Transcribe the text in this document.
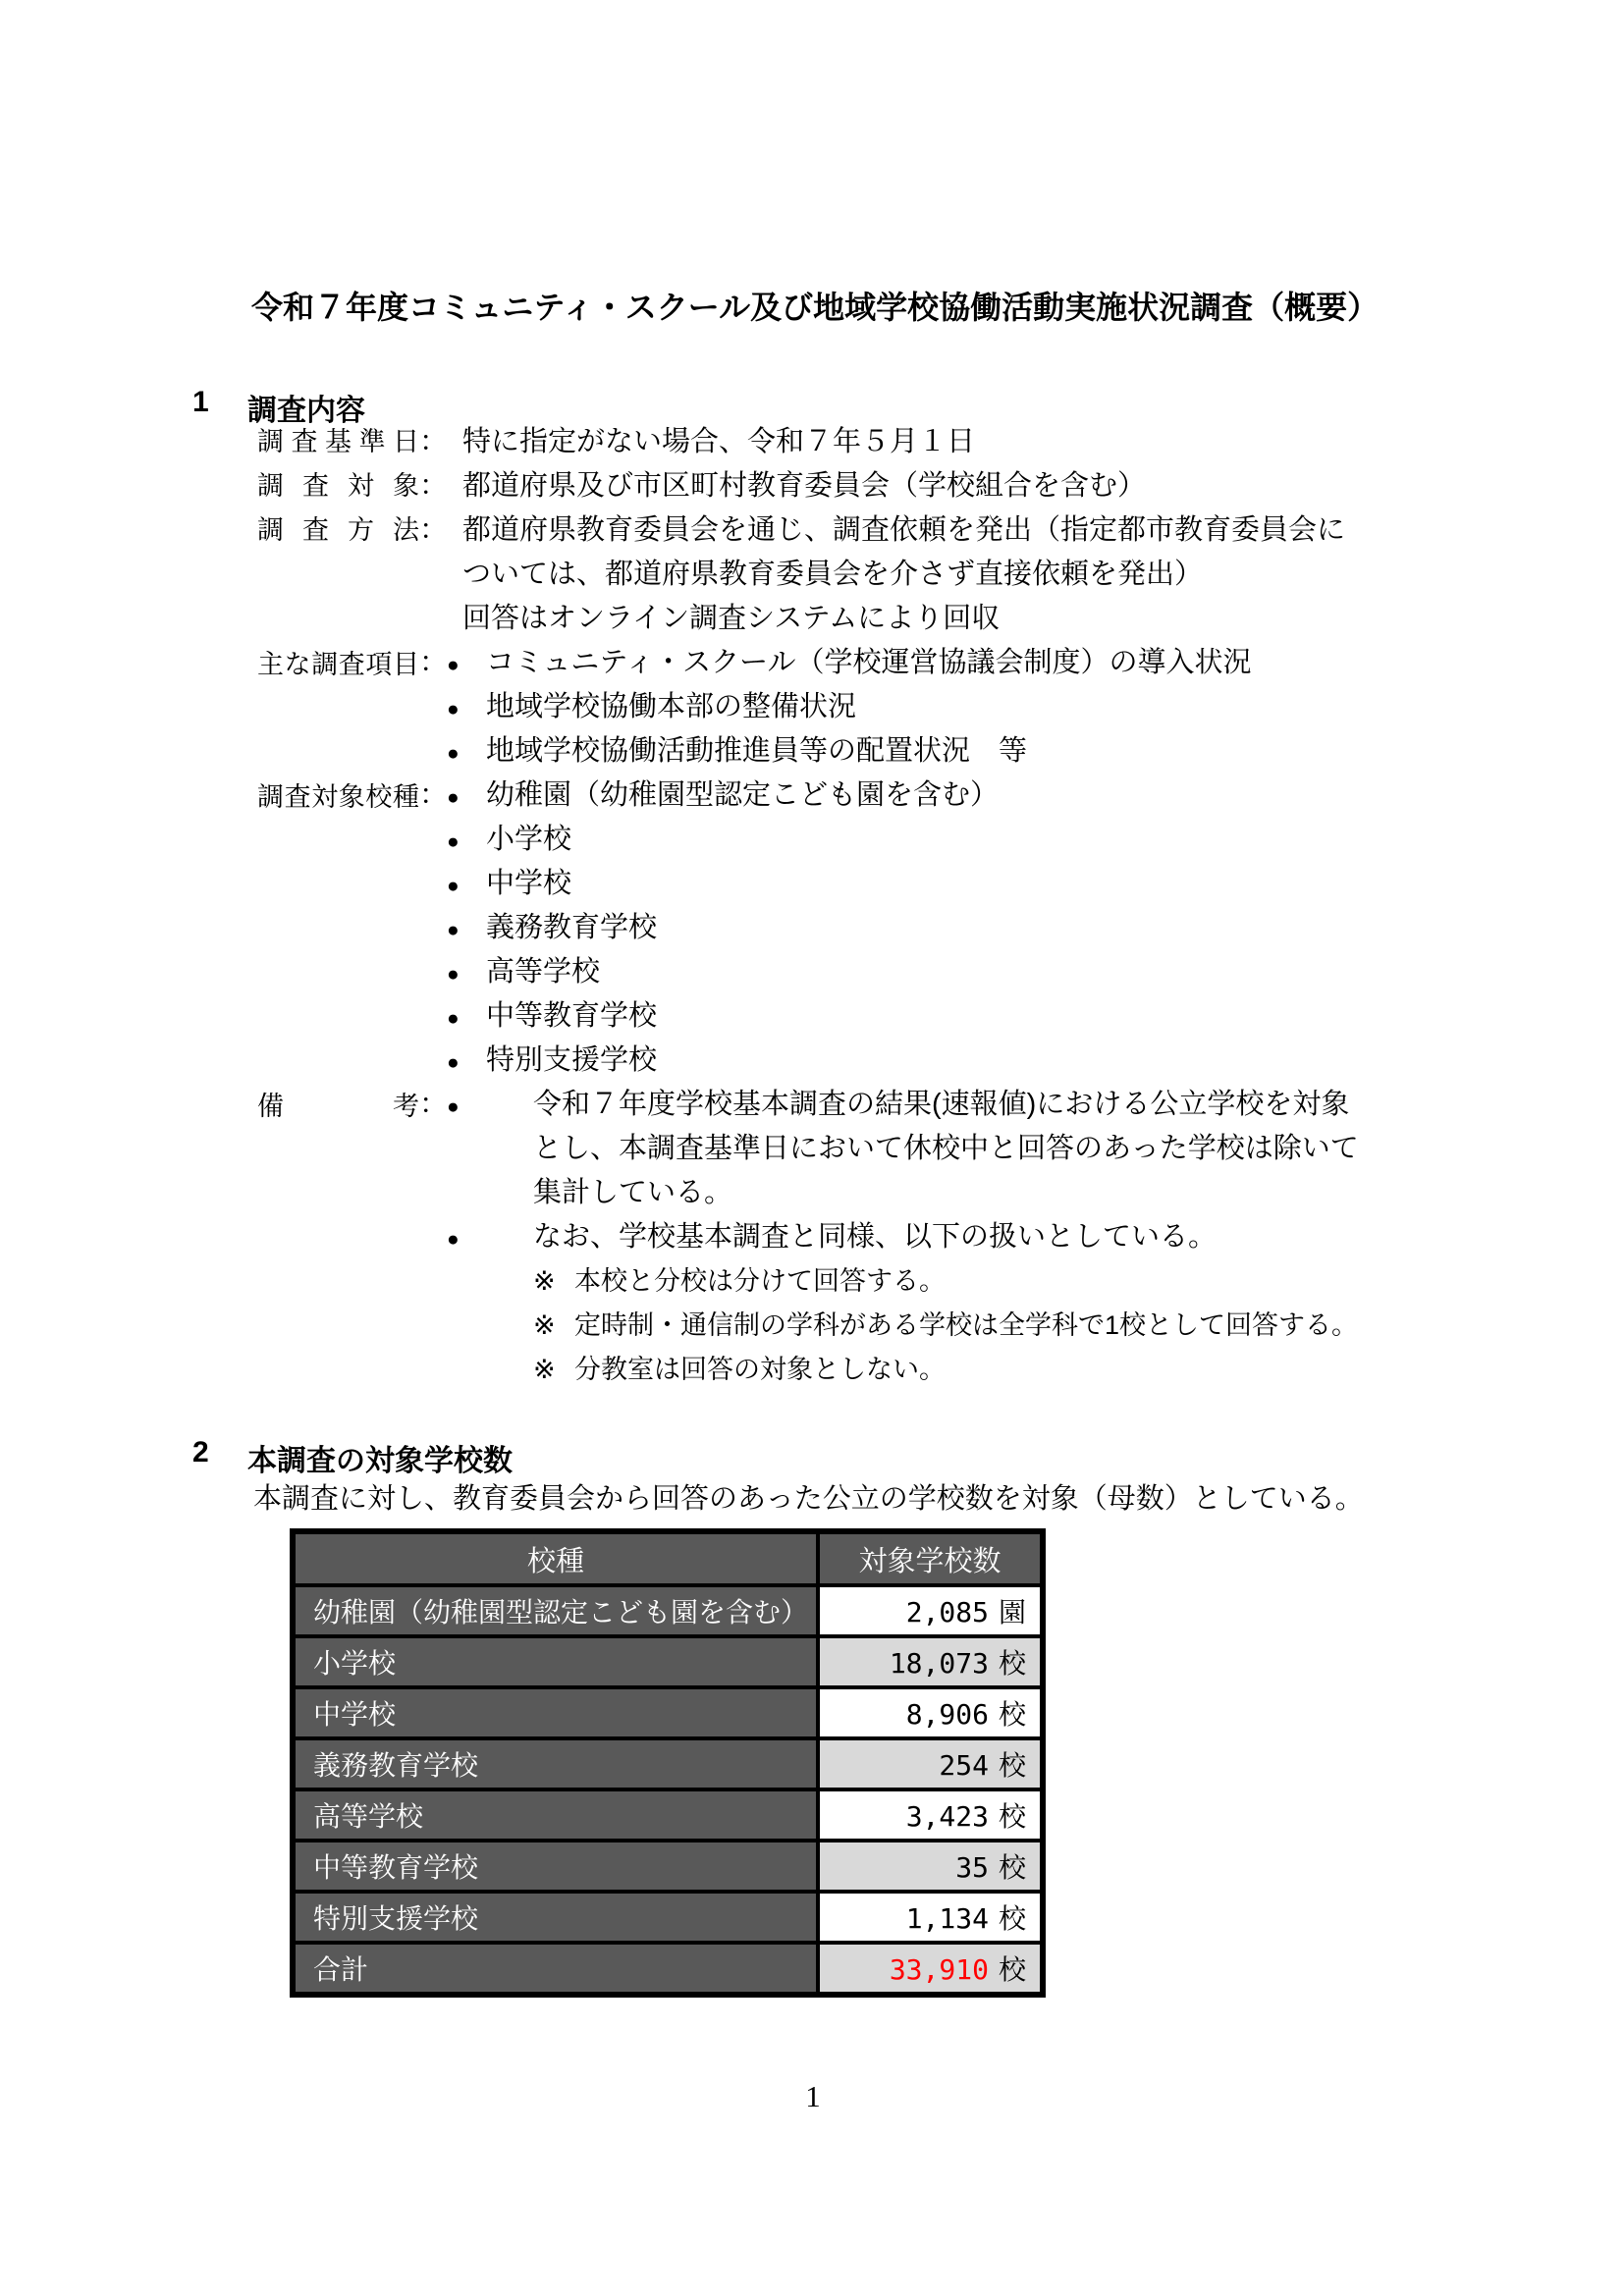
令和７年度コミュニティ・スクール及び地域学校協働活動実施状況調査（概要）
1	調査内容
調査基準日： 特に指定がない場合、令和７年５月１日
調査対象： 都道府県及び市区町村教育委員会（学校組合を含む）
調査方法： 都道府県教育委員会を通じ、調査依頼を発出（指定都市教育委員会に
ついては、都道府県教育委員会を介さず直接依頼を発出）
回答はオンライン調査システムにより回収
主な調査項目：● コミュニティ・スクール（学校運営協議会制度）の導入状況
● 地域学校協働本部の整備状況
● 地域学校協働活動推進員等の配置状況　等
調査対象校種：● 幼稚園（幼稚園型認定こども園を含む）
● 小学校
● 中学校
● 義務教育学校
● 高等学校
● 中等教育学校
● 特別支援学校
備考：●	令和７年度学校基本調査の結果(速報値)における公立学校を対象
とし、本調査基準日において休校中と回答のあった学校は除いて
集計している。
●	なお、学校基本調査と同様、以下の扱いとしている。
※ 本校と分校は分けて回答する。
※ 定時制・通信制の学科がある学校は全学科で1校として回答する。
※ 分教室は回答の対象としない。
2	本調査の対象学校数
本調査に対し、教育委員会から回答のあった公立の学校数を対象（母数）としている。
校種	対象学校数
幼稚園（幼稚園型認定こども園を含む）	2,085 園
小学校	18,073 校
中学校	8,906 校
義務教育学校	254 校
高等学校	3,423 校
中等教育学校	35 校
特別支援学校	1,134 校
合計	33,910 校
1
